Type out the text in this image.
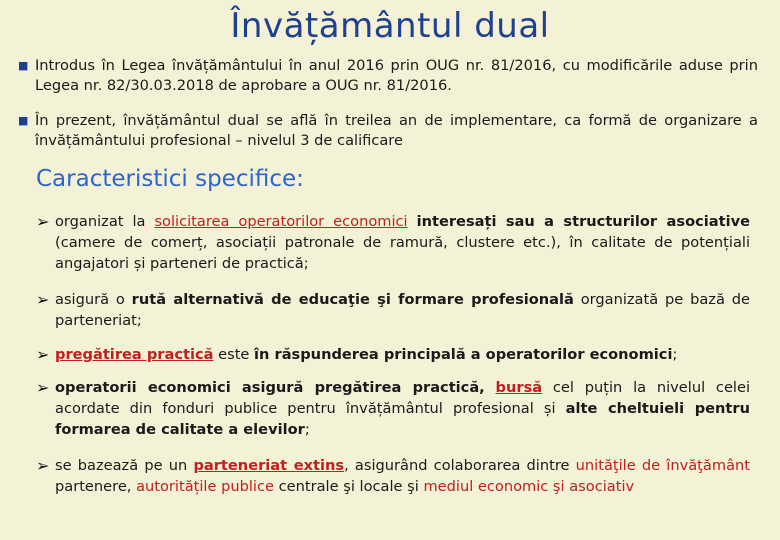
Învățământul dual
■ Introdus în Legea învățământului în anul 2016 prin OUG nr. 81/2016, cu modificările aduse prin Legea nr. 82/30.03.2018 de aprobare a OUG nr. 81/2016.
■ În prezent, învățământul dual se află în treilea an de implementare, ca formă de organizare a învățământului profesional – nivelul 3 de calificare
Caracteristici specifice:
➢ organizat la solicitarea operatorilor economici interesați sau a structurilor asociative (camere de comerț, asociații patronale de ramură, clustere etc.), în calitate de potențiali angajatori și parteneri de practică;
➢ asigură o rută alternativă de educaţie şi formare profesională organizată pe bază de parteneriat;
➢ pregătirea practică este în răspunderea principală a operatorilor economici;
➢ operatorii economici asigură pregătirea practică, bursă cel puțin la nivelul celei acordate din fonduri publice pentru învățământul profesional și alte cheltuieli pentru formarea de calitate a elevilor;
➢ se bazează pe un parteneriat extins, asigurând colaborarea dintre unităţile de învăţământ partenere, autoritățile publice centrale şi locale şi mediul economic şi asociativ
